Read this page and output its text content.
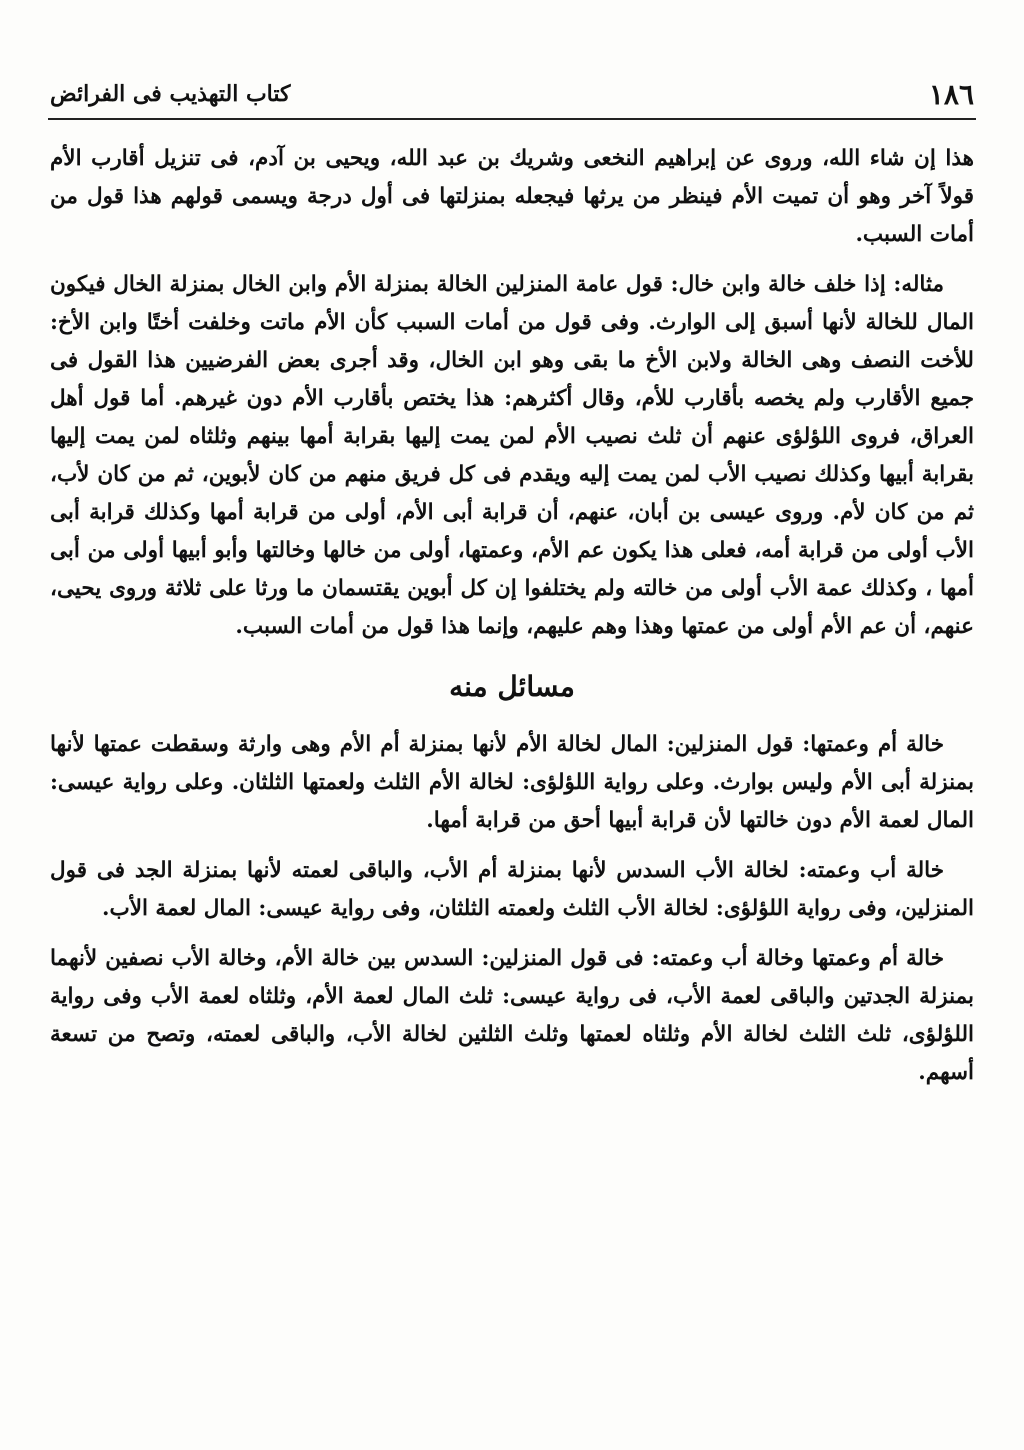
١٨٦
كتاب التهذيب فى الفرائض

هذا إن شاء الله، وروى عن إبراهيم النخعى وشريك بن عبد الله، ويحيى بن آدم، فى تنزيل أقارب الأم قولاً آخر وهو أن تميت الأم فينظر من يرثها فيجعله بمنزلتها فى أول درجة ويسمى قولهم هذا قول من أمات السبب.

مثاله: إذا خلف خالة وابن خال: قول عامة المنزلين الخالة بمنزلة الأم وابن الخال بمنزلة الخال فيكون المال للخالة لأنها أسبق إلى الوارث. وفى قول من أمات السبب كأن الأم ماتت وخلفت أختًا وابن الأخ: للأخت النصف وهى الخالة ولابن الأخ ما بقى وهو ابن الخال، وقد أجرى بعض الفرضيين هذا القول فى جميع الأقارب ولم يخصه بأقارب للأم، وقال أكثرهم: هذا يختص بأقارب الأم دون غيرهم. أما قول أهل العراق، فروى اللؤلؤى عنهم أن ثلث نصيب الأم لمن يمت إليها بقرابة أمها بينهم وثلثاه لمن يمت إليها بقرابة أبيها وكذلك نصيب الأب لمن يمت إليه ويقدم فى كل فريق منهم من كان لأبوين، ثم من كان لأب، ثم من كان لأم. وروى عيسى بن أبان، عنهم، أن قرابة أبى الأم، أولى من قرابة أمها وكذلك قرابة أبى الأب أولى من قرابة أمه، فعلى هذا يكون عم الأم، وعمتها، أولى من خالها وخالتها وأبو أبيها أولى من أبى أمها ، وكذلك عمة الأب أولى من خالته ولم يختلفوا إن كل أبوين يقتسمان ما ورثا على ثلاثة وروى يحيى، عنهم، أن عم الأم أولى من عمتها وهذا وهم عليهم، وإنما هذا قول من أمات السبب.

مسائل منه

خالة أم وعمتها: قول المنزلين: المال لخالة الأم لأنها بمنزلة أم الأم وهى وارثة وسقطت عمتها لأنها بمنزلة أبى الأم وليس بوارث. وعلى رواية اللؤلؤى: لخالة الأم الثلث ولعمتها الثلثان. وعلى رواية عيسى: المال لعمة الأم دون خالتها لأن قرابة أبيها أحق من قرابة أمها.

خالة أب وعمته: لخالة الأب السدس لأنها بمنزلة أم الأب، والباقى لعمته لأنها بمنزلة الجد فى قول المنزلين، وفى رواية اللؤلؤى: لخالة الأب الثلث ولعمته الثلثان، وفى رواية عيسى: المال لعمة الأب.

خالة أم وعمتها وخالة أب وعمته: فى قول المنزلين: السدس بين خالة الأم، وخالة الأب نصفين لأنهما بمنزلة الجدتين والباقى لعمة الأب، فى رواية عيسى: ثلث المال لعمة الأم، وثلثاه لعمة الأب وفى رواية اللؤلؤى، ثلث الثلث لخالة الأم وثلثاه لعمتها وثلث الثلثين لخالة الأب، والباقى لعمته، وتصح من تسعة أسهم.
